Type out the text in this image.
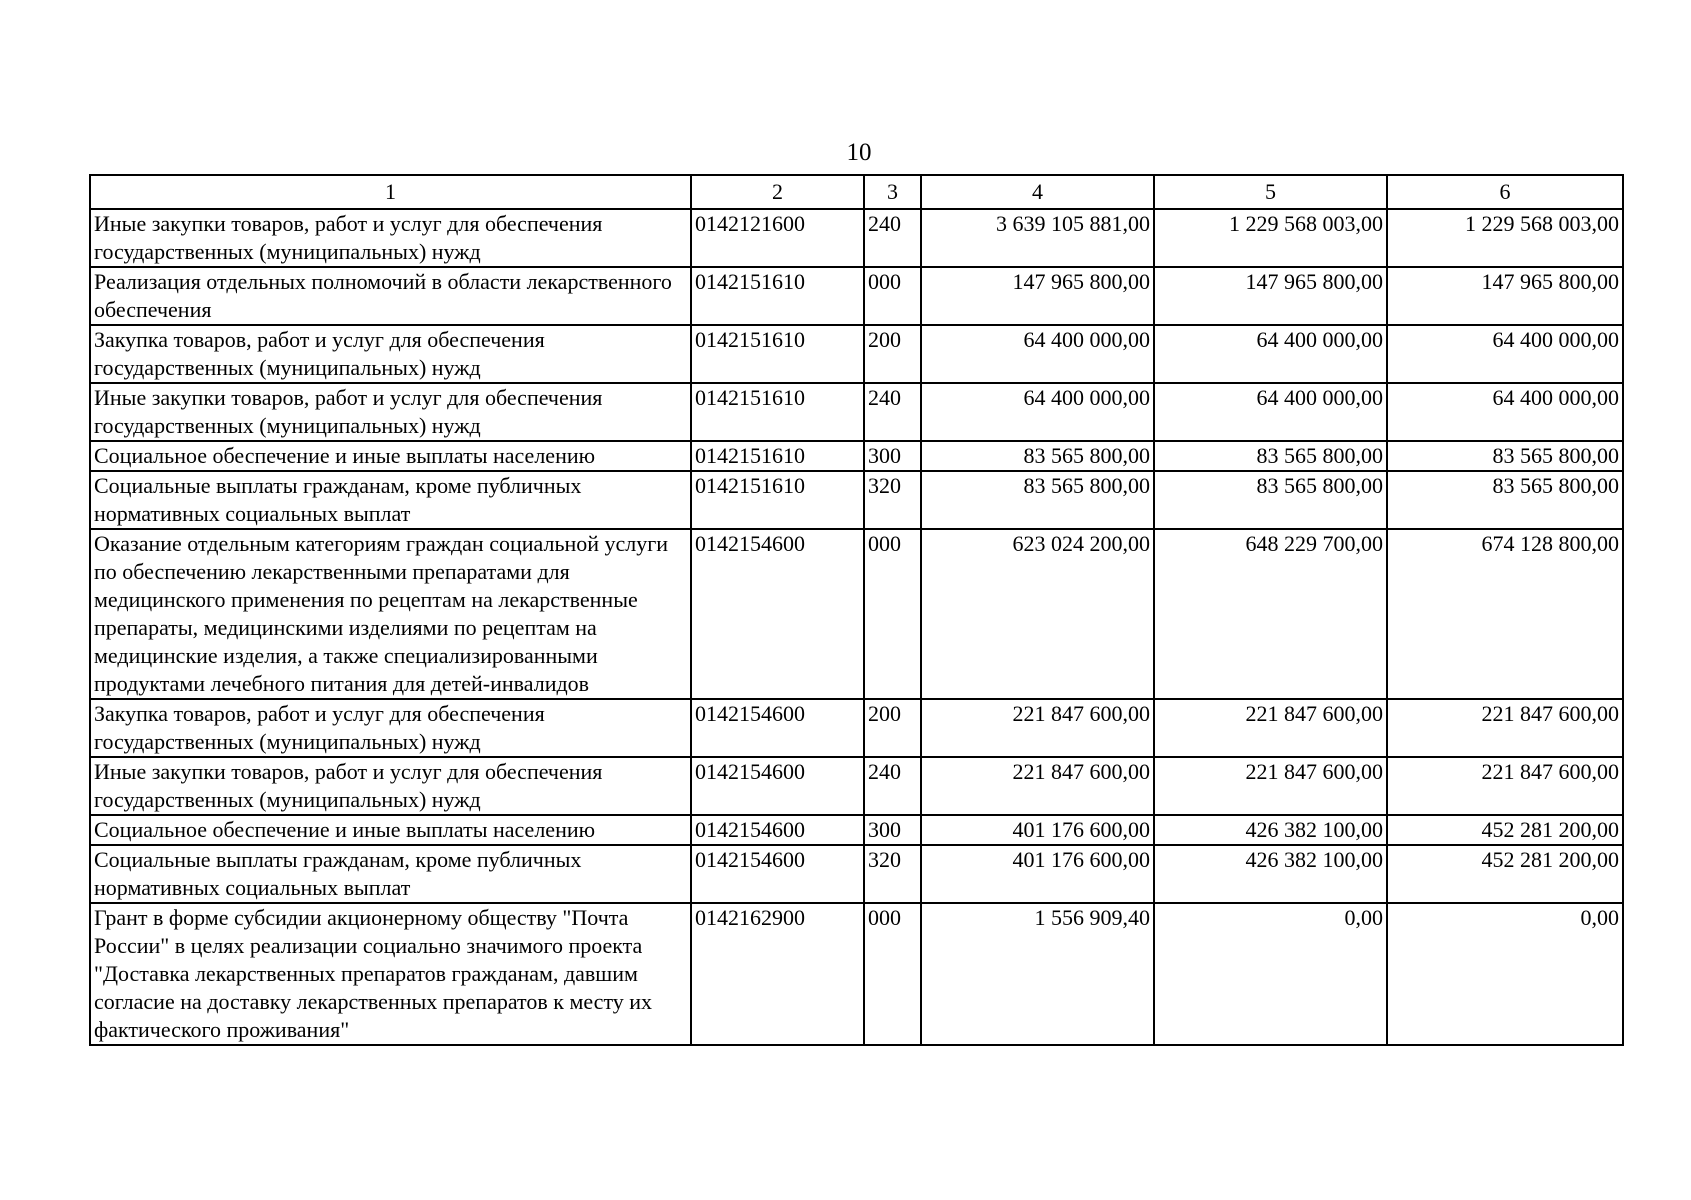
10
1	2	3	4	5	6
Иные закупки товаров, работ и услуг для обеспечения государственных (муниципальных) нужд	0142121600	240	3 639 105 881,00	1 229 568 003,00	1 229 568 003,00
Реализация отдельных полномочий в области лекарственного обеспечения	0142151610	000	147 965 800,00	147 965 800,00	147 965 800,00
Закупка товаров, работ и услуг для обеспечения государственных (муниципальных) нужд	0142151610	200	64 400 000,00	64 400 000,00	64 400 000,00
Иные закупки товаров, работ и услуг для обеспечения государственных (муниципальных) нужд	0142151610	240	64 400 000,00	64 400 000,00	64 400 000,00
Социальное обеспечение и иные выплаты населению	0142151610	300	83 565 800,00	83 565 800,00	83 565 800,00
Социальные выплаты гражданам, кроме публичных нормативных социальных выплат	0142151610	320	83 565 800,00	83 565 800,00	83 565 800,00
Оказание отдельным категориям граждан социальной услуги по обеспечению лекарственными препаратами для медицинского применения по рецептам на лекарственные препараты, медицинскими изделиями по рецептам на медицинские изделия, а также специализированными продуктами лечебного питания для детей-инвалидов	0142154600	000	623 024 200,00	648 229 700,00	674 128 800,00
Закупка товаров, работ и услуг для обеспечения государственных (муниципальных) нужд	0142154600	200	221 847 600,00	221 847 600,00	221 847 600,00
Иные закупки товаров, работ и услуг для обеспечения государственных (муниципальных) нужд	0142154600	240	221 847 600,00	221 847 600,00	221 847 600,00
Социальное обеспечение и иные выплаты населению	0142154600	300	401 176 600,00	426 382 100,00	452 281 200,00
Социальные выплаты гражданам, кроме публичных нормативных социальных выплат	0142154600	320	401 176 600,00	426 382 100,00	452 281 200,00
Грант в форме субсидии акционерному обществу "Почта России" в целях реализации социально значимого проекта "Доставка лекарственных препаратов гражданам, давшим согласие на доставку лекарственных препаратов к месту их фактического проживания"	0142162900	000	1 556 909,40	0,00	0,00
